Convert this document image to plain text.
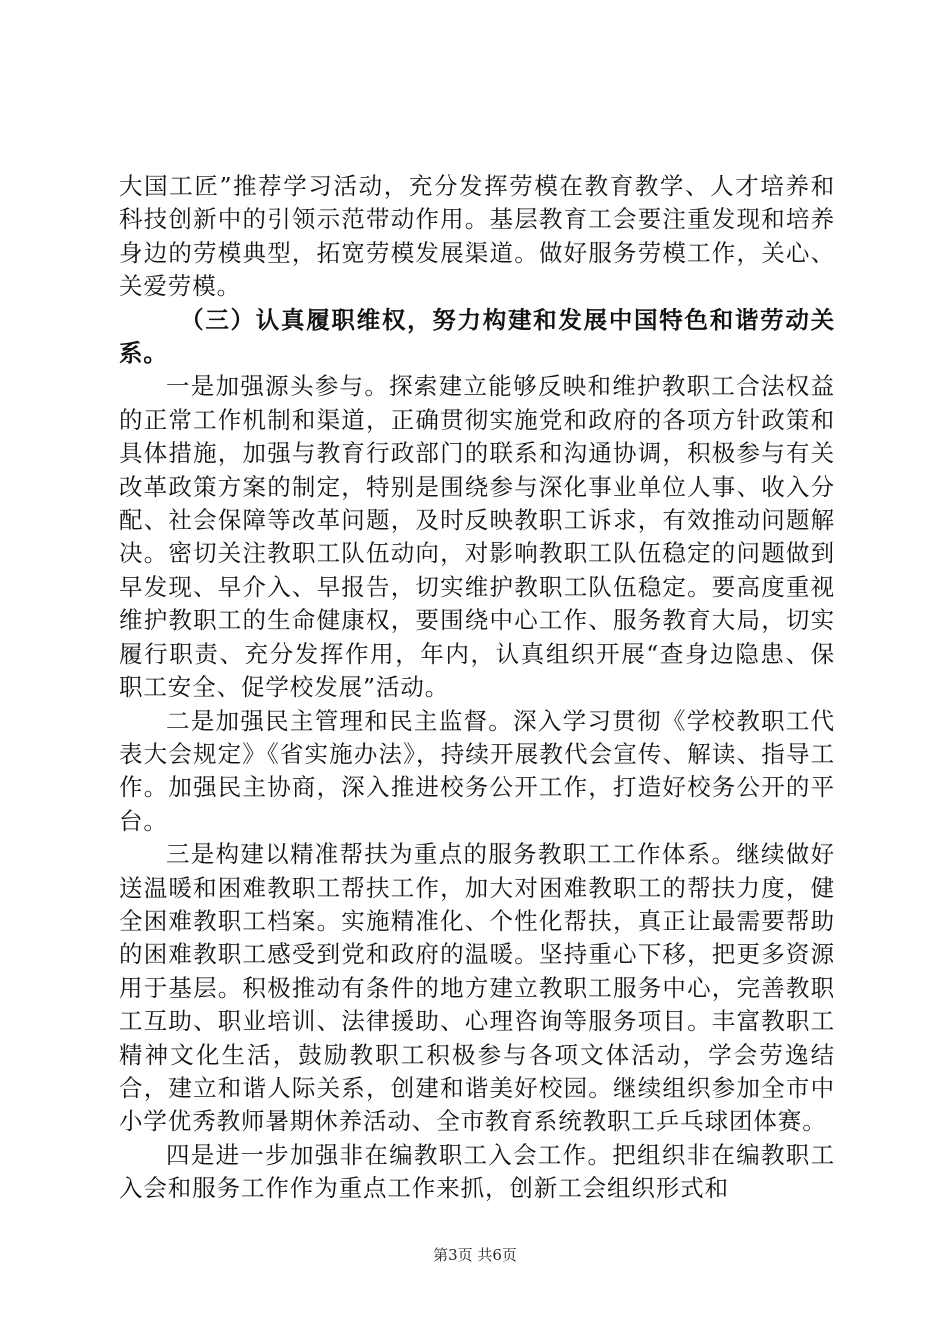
大国工匠”推荐学习活动，充分发挥劳模在教育教学、人才培养和科技创新中的引领示范带动作用。基层教育工会要注重发现和培养身边的劳模典型，拓宽劳模发展渠道。做好服务劳模工作，关心、关爱劳模。

（三）认真履职维权，努力构建和发展中国特色和谐劳动关系。

一是加强源头参与。探索建立能够反映和维护教职工合法权益的正常工作机制和渠道，正确贯彻实施党和政府的各项方针政策和具体措施，加强与教育行政部门的联系和沟通协调，积极参与有关改革政策方案的制定，特别是围绕参与深化事业单位人事、收入分配、社会保障等改革问题，及时反映教职工诉求，有效推动问题解决。密切关注教职工队伍动向，对影响教职工队伍稳定的问题做到早发现、早介入、早报告，切实维护教职工队伍稳定。要高度重视维护教职工的生命健康权，要围绕中心工作、服务教育大局，切实履行职责、充分发挥作用，年内，认真组织开展“查身边隐患、保职工安全、促学校发展”活动。

二是加强民主管理和民主监督。深入学习贯彻《学校教职工代表大会规定》《省实施办法》，持续开展教代会宣传、解读、指导工作。加强民主协商，深入推进校务公开工作，打造好校务公开的平台。

三是构建以精准帮扶为重点的服务教职工工作体系。继续做好送温暖和困难教职工帮扶工作，加大对困难教职工的帮扶力度，健全困难教职工档案。实施精准化、个性化帮扶，真正让最需要帮助的困难教职工感受到党和政府的温暖。坚持重心下移，把更多资源用于基层。积极推动有条件的地方建立教职工服务中心，完善教职工互助、职业培训、法律援助、心理咨询等服务项目。丰富教职工精神文化生活，鼓励教职工积极参与各项文体活动，学会劳逸结合，建立和谐人际关系，创建和谐美好校园。继续组织参加全市中小学优秀教师暑期休养活动、全市教育系统教职工乒乓球团体赛。

四是进一步加强非在编教职工入会工作。把组织非在编教职工入会和服务工作作为重点工作来抓，创新工会组织形式和

第3页 共6页
